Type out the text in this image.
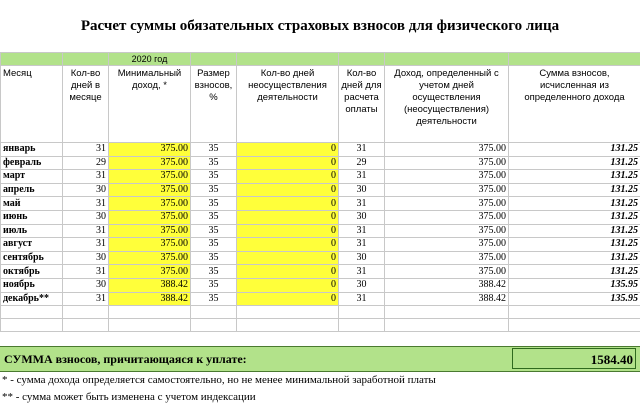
Расчет суммы обязательных страховых взносов для физического лица
		2020 год					
Месяц	Кол-во дней в месяце	Минимальный доход, *	Размер взносов, %	Кол-во дней неосуществления деятельности	Кол-во дней для расчета оплаты	Доход, определенный с учетом дней осуществления (неосуществления) деятельности	Сумма взносов, исчисленная из определенного дохода
январь	31	375.00	35	0	31	375.00	131.25
февраль	29	375.00	35	0	29	375.00	131.25
март	31	375.00	35	0	31	375.00	131.25
апрель	30	375.00	35	0	30	375.00	131.25
май	31	375.00	35	0	31	375.00	131.25
июнь	30	375.00	35	0	30	375.00	131.25
июль	31	375.00	35	0	31	375.00	131.25
август	31	375.00	35	0	31	375.00	131.25
сентябрь	30	375.00	35	0	30	375.00	131.25
октябрь	31	375.00	35	0	31	375.00	131.25
ноябрь	30	388.42	35	0	30	388.42	135.95
декабрь**	31	388.42	35	0	31	388.42	135.95

СУММА взносов, причитающаяся к уплате:	1584.40
* - сумма дохода определяется самостоятельно, но не менее минимальной заработной платы
** - сумма может быть изменена с учетом индексации
